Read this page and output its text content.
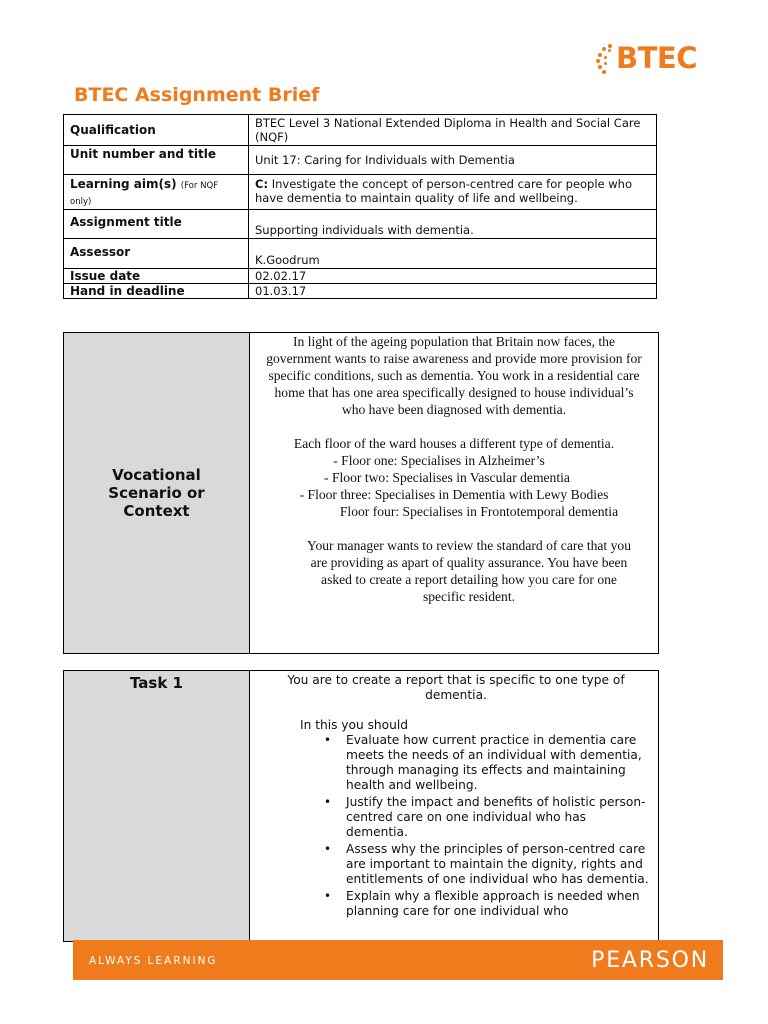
BTEC
BTEC Assignment Brief
Qualification	BTEC Level 3 National Extended Diploma in Health and Social Care (NQF)
Unit number and title	Unit 17: Caring for Individuals with Dementia
Learning aim(s) (For NQF only)	C: Investigate the concept of person-centred care for people who have dementia to maintain quality of life and wellbeing.
Assignment title	Supporting individuals with dementia.
Assessor	K.Goodrum
Issue date	02.02.17
Hand in deadline	01.03.17
Vocational Scenario or Context

In light of the ageing population that Britain now faces, the government wants to raise awareness and provide more provision for specific conditions, such as dementia. You work in a residential care home that has one area specifically designed to house individual’s who have been diagnosed with dementia.

Each floor of the ward houses a different type of dementia.

- Floor one: Specialises in Alzheimer’s
- Floor two: Specialises in Vascular dementia
- Floor three: Specialises in Dementia with Lewy Bodies
Floor four: Specialises in Frontotemporal dementia

Your manager wants to review the standard of care that you are providing as apart of quality assurance. You have been asked to create a report detailing how you care for one specific resident.

Task 1	You are to create a report that is specific to one type of dementia.

In this you should

• Evaluate how current practice in dementia care meets the needs of an individual with dementia, through managing its effects and maintaining health and wellbeing.
• Justify the impact and benefits of holistic person-centred care on one individual who has dementia.
• Assess why the principles of person-centred care are important to maintain the dignity, rights and entitlements of one individual who has dementia.
• Explain why a flexible approach is needed when planning care for one individual who
ALWAYS LEARNING	PEARSON
